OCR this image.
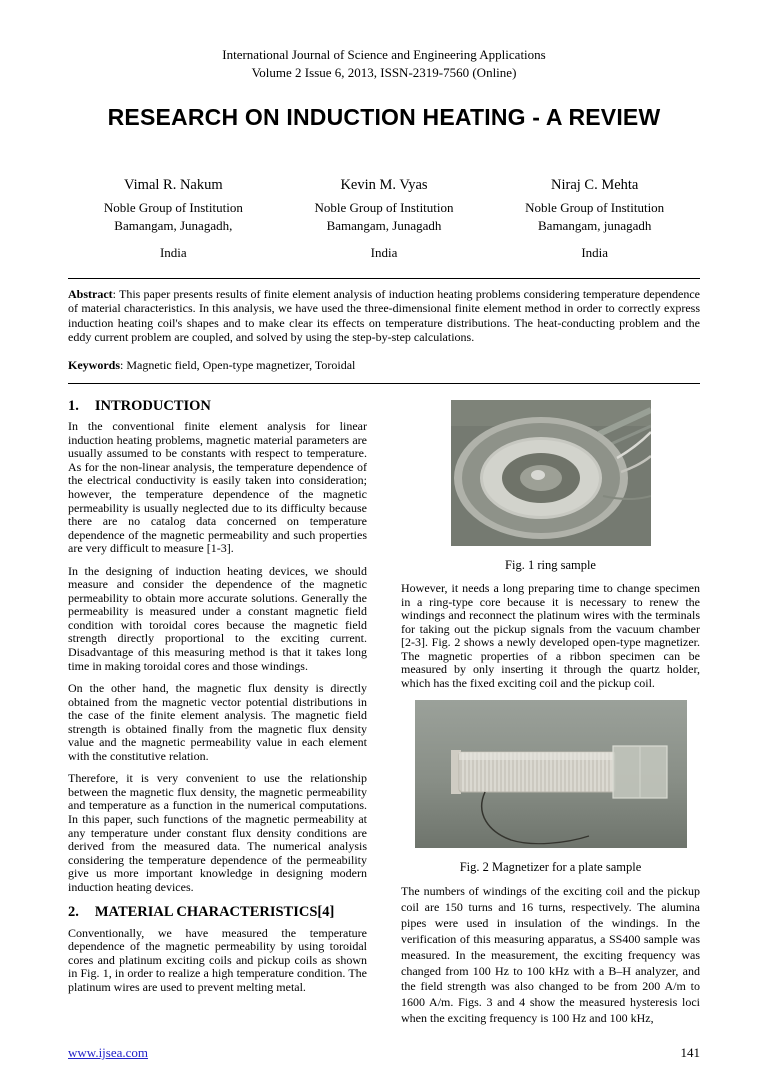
International Journal of Science and Engineering Applications
Volume 2 Issue 6, 2013, ISSN-2319-7560 (Online)
RESEARCH ON INDUCTION HEATING - A REVIEW
Vimal R. Nakum
Noble Group of Institution
Bamangam, Junagadh,
India
Kevin M. Vyas
Noble Group of Institution
Bamangam, Junagadh
India
Niraj C. Mehta
Noble Group of Institution
Bamangam, junagadh
India

Abstract: This paper presents results of finite element analysis of induction heating problems considering temperature dependence of material characteristics. In this analysis, we have used the three-dimensional finite element method in order to correctly express induction heating coil's shapes and to make clear its effects on temperature distributions. The heat-conducting problem and the eddy current problem are coupled, and solved by using the step-by-step calculations.

Keywords: Magnetic field, Open-type magnetizer, Toroidal

1. INTRODUCTION

In the conventional finite element analysis for linear induction heating problems, magnetic material parameters are usually assumed to be constants with respect to temperature. As for the non-linear analysis, the temperature dependence of the electrical conductivity is easily taken into consideration; however, the temperature dependence of the magnetic permeability is usually neglected due to its difficulty because there are no catalog data concerned on temperature dependence of the magnetic permeability and such properties are very difficult to measure [1-3].

In the designing of induction heating devices, we should measure and consider the dependence of the magnetic permeability to obtain more accurate solutions. Generally the permeability is measured under a constant magnetic field condition with toroidal cores because the magnetic field strength directly proportional to the exciting current. Disadvantage of this measuring method is that it takes long time in making toroidal cores and those windings.

On the other hand, the magnetic flux density is directly obtained from the magnetic vector potential distributions in the case of the finite element analysis. The magnetic field strength is obtained finally from the magnetic flux density value and the magnetic permeability value in each element with the constitutive relation.

Therefore, it is very convenient to use the relationship between the magnetic flux density, the magnetic permeability and temperature as a function in the numerical computations. In this paper, such functions of the magnetic permeability at any temperature under constant flux density conditions are derived from the measured data. The numerical analysis considering the temperature dependence of the permeability give us more important knowledge in designing modern induction heating devices.

2. MATERIAL CHARACTERISTICS[4]

Conventionally, we have measured the temperature dependence of the magnetic permeability by using toroidal cores and platinum exciting coils and pickup coils as shown in Fig. 1, in order to realize a high temperature condition. The platinum wires are used to prevent melting metal.

Fig. 1 ring sample

However, it needs a long preparing time to change specimen in a ring-type core because it is necessary to renew the windings and reconnect the platinum wires with the terminals for taking out the pickup signals from the vacuum chamber [2-3]. Fig. 2 shows a newly developed open-type magnetizer. The magnetic properties of a ribbon specimen can be measured by only inserting it through the quartz holder, which has the fixed exciting coil and the pickup coil.

Fig. 2 Magnetizer for a plate sample

The numbers of windings of the exciting coil and the pickup coil are 150 turns and 16 turns, respectively. The alumina pipes were used in insulation of the windings. In the verification of this measuring apparatus, a SS400 sample was measured. In the measurement, the exciting frequency was changed from 100 Hz to 100 kHz with a B–H analyzer, and the field strength was also changed to be from 200 A/m to 1600 A/m. Figs. 3 and 4 show the measured hysteresis loci when the exciting frequency is 100 Hz and 100 kHz,

www.ijsea.com	141
